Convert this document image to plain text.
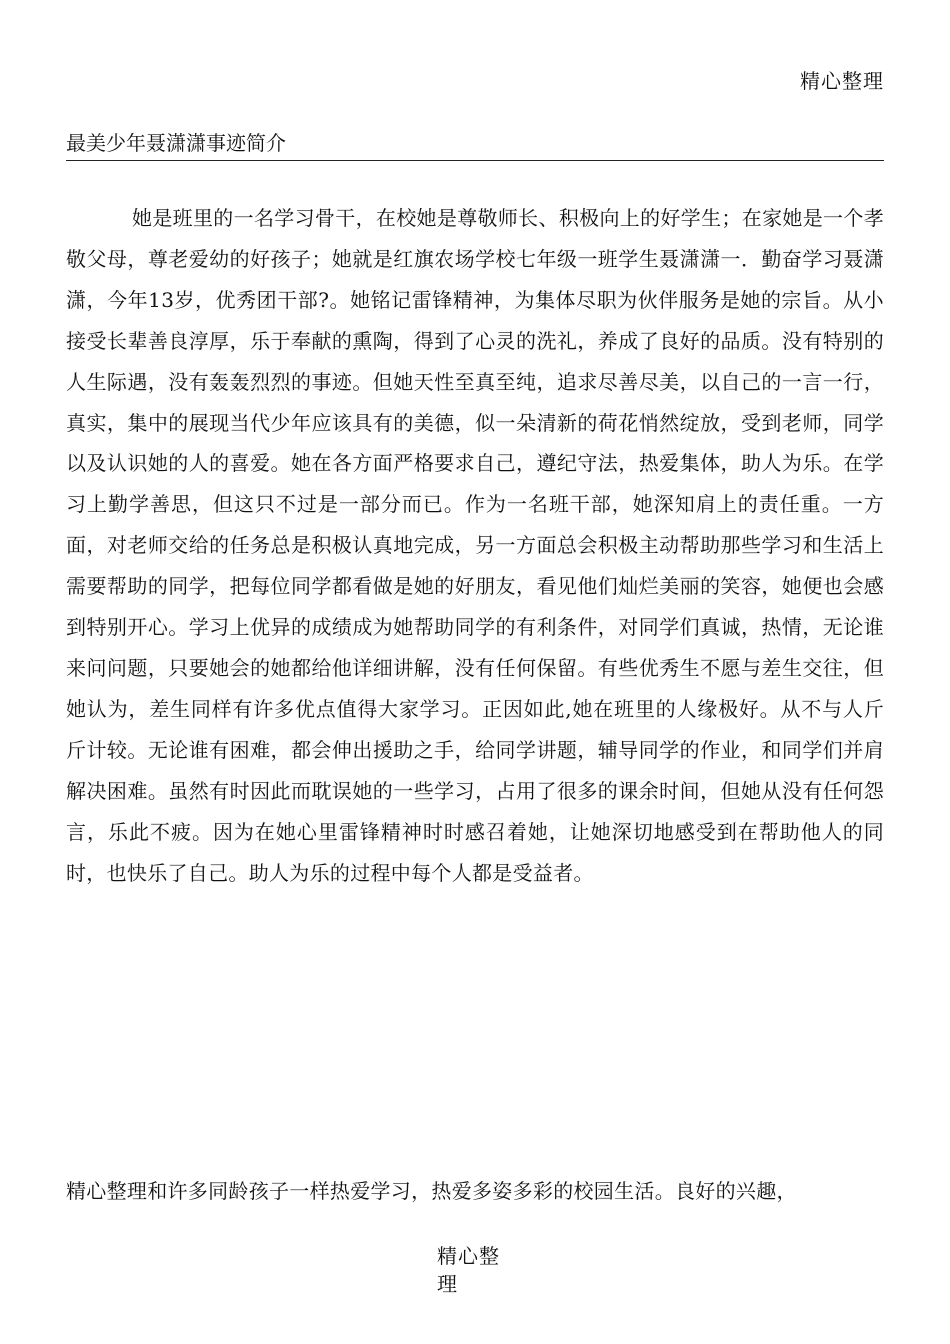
精心整理
最美少年聂潇潇事迹简介

她是班里的一名学习骨干，在校她是尊敬师长、积极向上的好学生；在家她是一个孝敬父母，尊老爱幼的好孩子；她就是红旗农场学校七年级一班学生聂潇潇一．勤奋学习聂潇潇，今年13岁，优秀团干部?。她铭记雷锋精神，为集体尽职为伙伴服务是她的宗旨。从小接受长辈善良淳厚，乐于奉献的熏陶，得到了心灵的洗礼，养成了良好的品质。没有特别的人生际遇，没有轰轰烈烈的事迹。但她天性至真至纯，追求尽善尽美，以自己的一言一行，真实，集中的展现当代少年应该具有的美德，似一朵清新的荷花悄然绽放，受到老师，同学以及认识她的人的喜爱。她在各方面严格要求自己，遵纪守法，热爱集体，助人为乐。在学习上勤学善思，但这只不过是一部分而已。作为一名班干部，她深知肩上的责任重。一方面，对老师交给的任务总是积极认真地完成，另一方面总会积极主动帮助那些学习和生活上需要帮助的同学，把每位同学都看做是她的好朋友，看见他们灿烂美丽的笑容，她便也会感到特别开心。学习上优异的成绩成为她帮助同学的有利条件，对同学们真诚，热情，无论谁来问问题，只要她会的她都给他详细讲解，没有任何保留。有些优秀生不愿与差生交往，但她认为，差生同样有许多优点值得大家学习。正因如此,她在班里的人缘极好。从不与人斤斤计较。无论谁有困难，都会伸出援助之手，给同学讲题，辅导同学的作业，和同学们并肩解决困难。虽然有时因此而耽误她的一些学习，占用了很多的课余时间，但她从没有任何怨言，乐此不疲。因为在她心里雷锋精神时时感召着她，让她深切地感受到在帮助他人的同时，也快乐了自己。助人为乐的过程中每个人都是受益者。

精心整理和许多同龄孩子一样热爱学习，热爱多姿多彩的校园生活。良好的兴趣，

精心整理
